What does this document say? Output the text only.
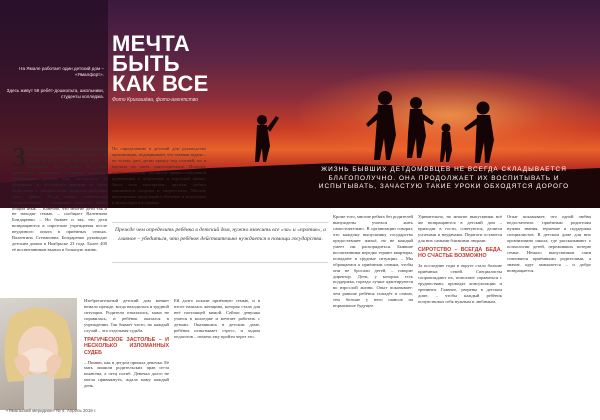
На Ямале работает один детский дом – «Ямалфорт».
Здесь живут 59 ребёт-дошкольта, школьники, студенты колледжа.
МЕЧТА БЫТЬ
КАК ВСЕ
Фото Кригашёва, фото-агентство
ЖИЗНЬ БЫВШИХ ДЕТДОМОВЦЕВ НЕ ВСЕГДА СКЛАДЫВАЕТСЯ БЛАГОПОЛУЧНО. ОНА ПРОДОЛЖАЕТ ИХ ВОСПИТЫВАТЬ И ИСПЫТЫВАТЬ, ЗАЧАСТУЮ ТАКИЕ УРОКИ ОБХОДЯТСЯ ДОРОГО
З В последние десятилетия сиротские учреждения заметно опустели. На Ямале работает один детский дом – в Ноябрьске. Здесь живут 59 ребят: дошкольта, школьники, студенты колледжа. Организация работы уже наладилась, в Ноябрьске до последнего времени не было недостатка в специалистах, педагоги работают здесь давно. Люди знают особенности воспитанников, с которыми непросто найти общий язык. – Конечно, что многие дети так и не находят семью, – сообщает Валентина Бондаренко. – Но бывает и так, что дети возвращаются в сиротские учреждения после неудачного опыта в приёмных семьях. Валентина Степановна Бондаренко руководит детским домом в Ноябрьске 23 года. Более 400 её воспитанников вышли в большую жизнь.
По определению в детский дом руководство организации, подчеркивает, что главная задача – не только дать детям крышу над головой, но и научить их жить самостоятельно. Поэтому особое внимание уделяется профессиональной ориентации и подготовке к взрослой жизни. Здесь есть мастерские, кружки, ребята занимаются спортом и творчеством. Многие выпускники продолжают обучение в колледжах и вузах округа и страны.
Прежде чем определить ребёнка в детский дом, нужно взвесить все «за» и «против», а главное – убедиться, что ребёнок действительно нуждается в помощи государства.
Кроме того, многие ребята без родителей вынуждены учиться жить самостоятельно. В организации говорят, что каждому выпускнику государство предоставляет жильё, но не каждый умеет им распорядиться. Бывшие воспитанники нередко теряют квартиры, попадают в трудные ситуации. – Мы обращаемся к приёмным семьям, чтобы они не бросали детей, – говорит директор. Дети, у которых есть поддержка, гораздо лучше адаптируются во взрослой жизни. Опыт показывает: чем раньше ребёнок попадёт в семью, тем больше у него шансов на нормальное будущее.
Удивительно, но многие выпускники всё же возвращаются в детский дом – приходят в гости, советуются, делятся успехами и неудачами. Педагоги остаются для них самыми близкими людьми.
СИРОТСТВО – ВСЕГДА БЕДА. НО СЧАСТЬЕ ВОЗМОЖНО
За последние годы в округе стало больше приёмных семей. Специалисты сопровождают их, помогают справиться с трудностями, проводят консультации и тренинги. Главное, уверены в детском доме, – чтобы каждый ребёнок почувствовал себя нужным и любимым.
Опыт показывает, что одной любви недостаточно: приёмным родителям нужны знания, терпение и поддержка специалистов. В детском доме для них организована школа, где рассказывают о психологии детей, переживших потерю семьи. Немало выпускников сами становятся приёмными родителями, а значит, круг замыкается – и добро возвращается.
Изобретательный детский дом меняет немало прежде, когда находилась в трудной ситуации. Родители отказались, мама не справилась, и ребёнок оказался в учреждении. Так бывает часто, но каждый случай – это отдельная судьба.
ТРАГИЧЕСКОЕ ЗАСТОЛЬЕ – И НЕСКОЛЬКО ИЗЛОМАННЫХ СУДЕБ
– Помню, как в детдом пришла девочка. Её мать лишили родительских прав из-за пьянства, а отец погиб. Девочка долго не могла привыкнуть, ждала маму каждый день.
Ей долго искали приёмную семью, и в итоге нашлась женщина, которая стала для неё настоящей мамой. Сейчас девушка учится в колледже и мечтает работать с детьми. Оказавшись в детском доме, ребёнок испытывает стресс, и задача педагогов – помочь ему пройти через это.
«Ямальский меридиан» № 4. Апрель 2019 г.
